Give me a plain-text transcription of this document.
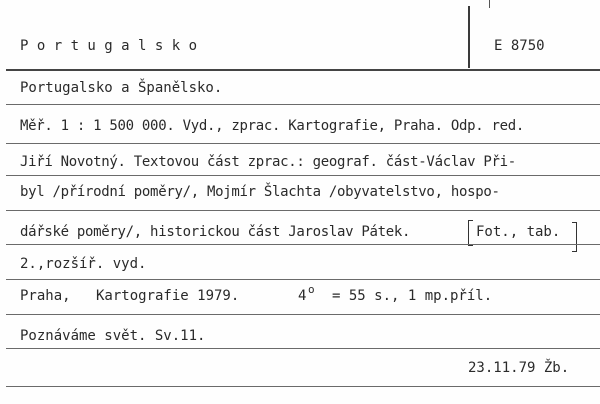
P o r t u g a l s k o	E 8750
Portugalsko a Španělsko.
Měř. 1 : 1 500 000. Vyd., zprac. Kartografie, Praha. Odp. red.
Jiří Novotný. Textovou část zprac.: geograf. část-Václav Při-
byl /přírodní poměry/, Mojmír Šlachta /obyvatelstvo, hospo-
dářské poměry/, historickou část Jaroslav Pátek.	Fot., tab.
2.,rozšíř. vyd.
Praha, Kartografie 1979.	4 o = 55 s., 1 mp.příl.
Poznáváme svět. Sv.11.
23.11.79 Žb.
